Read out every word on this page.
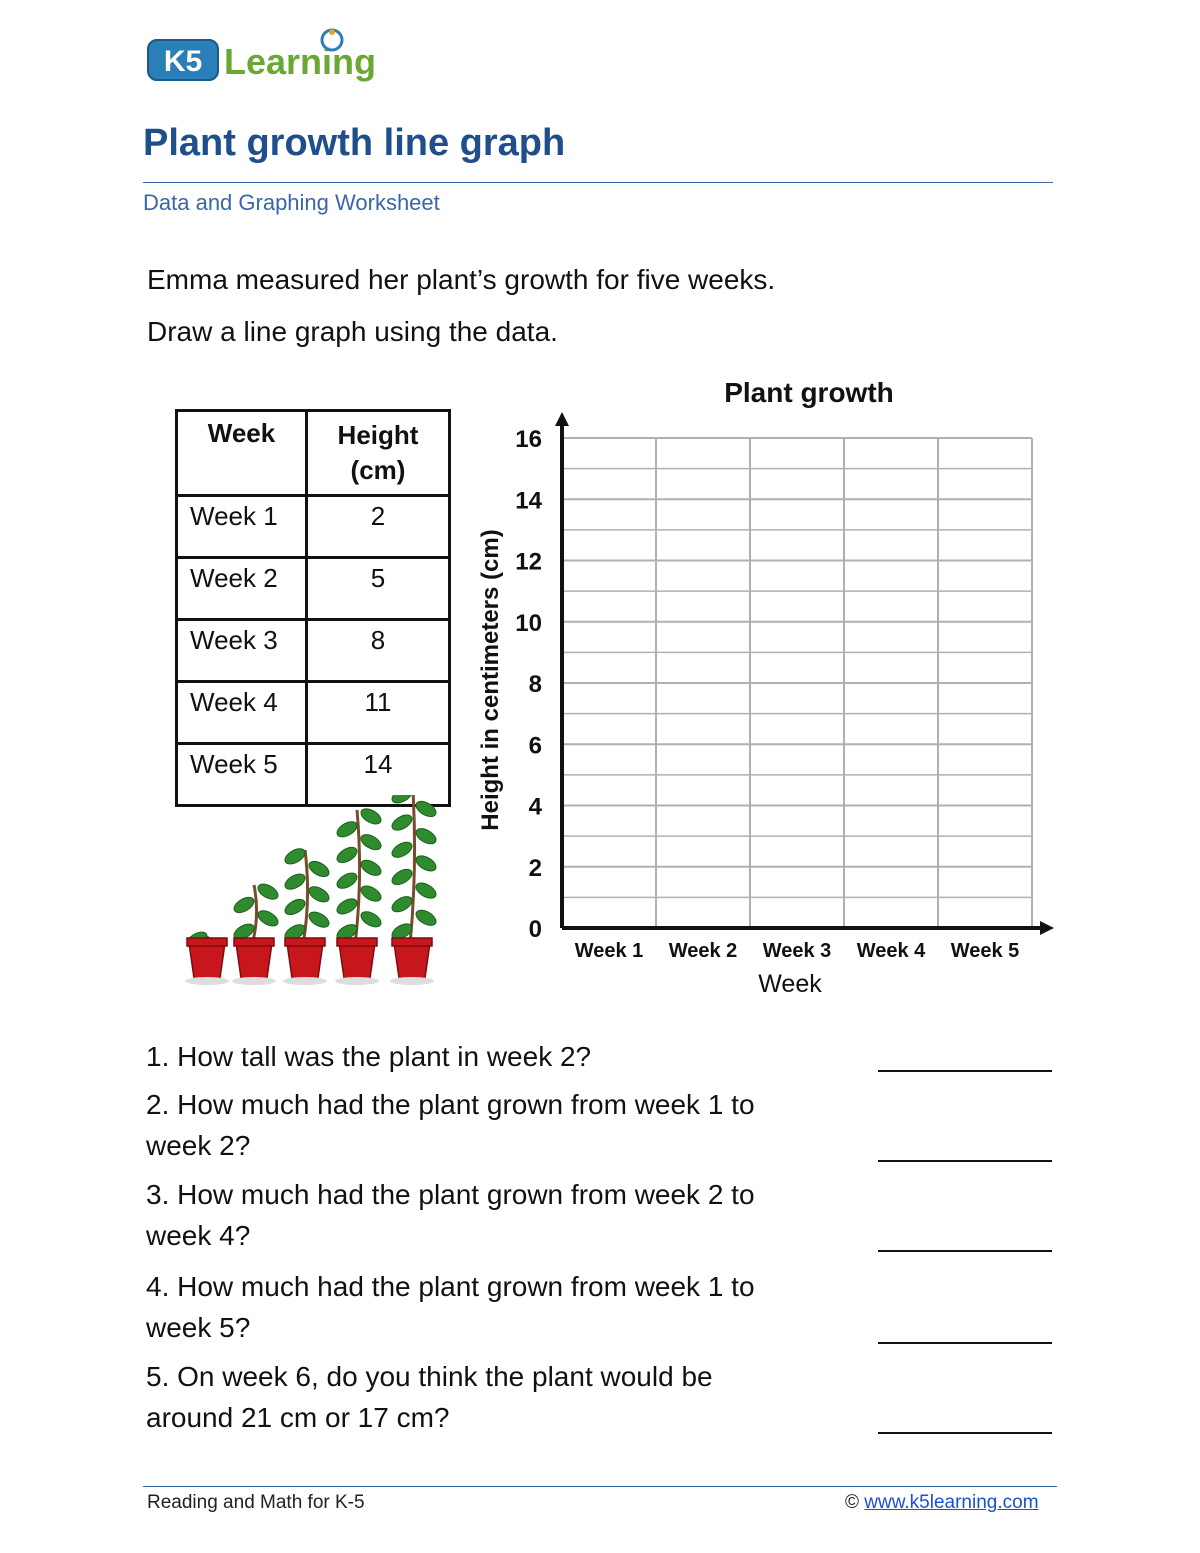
K5 Learning
Plant growth line graph
Data and Graphing Worksheet
Emma measured her plant’s growth for five weeks.
Draw a line graph using the data.
Week	Height
(cm)
Week 1	2
Week 2	5
Week 3	8
Week 4	11
Week 5	14
Plant growth
0
2
4
6
8
10
12
14
16
Week 1 Week 2 Week 3 Week 4 Week 5
Height in centimeters (cm)
Week
1. How tall was the plant in week 2?
2. How much had the plant grown from week 1 to
week 2?
3. How much had the plant grown from week 2 to
week 4?
4. How much had the plant grown from week 1 to
week 5?
5. On week 6, do you think the plant would be
around 21 cm or 17 cm?
Reading and Math for K-5	© www.k5learning.com
